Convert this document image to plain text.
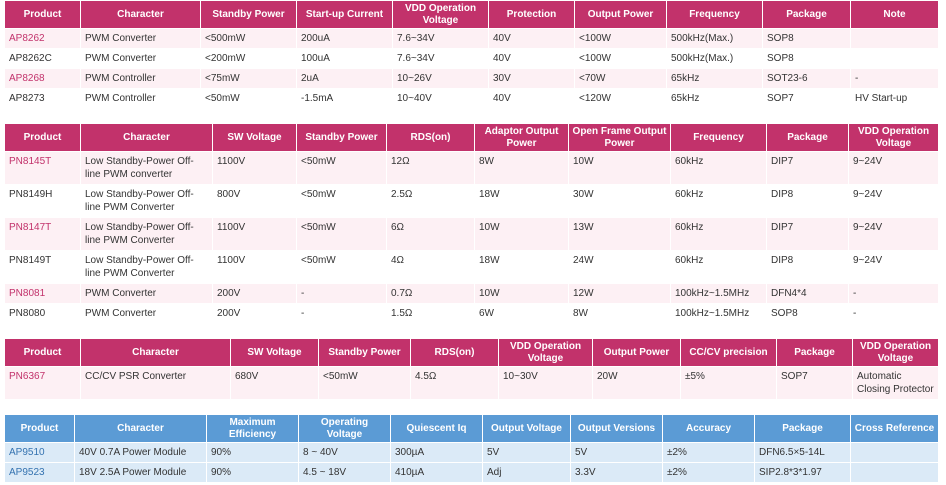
Product	Character	Standby Power	Start-up Current	VDD Operation Voltage	Protection	Output Power	Frequency	Package	Note
AP8262	PWM Converter	<500mW	200uA	7.6~34V	40V	<100W	500kHz(Max.)	SOP8	
AP8262C	PWM Converter	<200mW	100uA	7.6~34V	40V	<100W	500kHz(Max.)	SOP8	
AP8268	PWM Controller	<75mW	2uA	10~26V	30V	<70W	65kHz	SOT23-6	-
AP8273	PWM Controller	<50mW	-1.5mA	10~40V	40V	<120W	65kHz	SOP7	HV Start-up
Product	Character	SW Voltage	Standby Power	RDS(on)	Adaptor Output Power	Open Frame Output Power	Frequency	Package	VDD Operation Voltage
PN8145T	Low Standby-Power Off-line PWM converter	1100V	<50mW	12Ω	8W	10W	60kHz	DIP7	9~24V
PN8149H	Low Standby-Power Off-line PWM Converter	800V	<50mW	2.5Ω	18W	30W	60kHz	DIP8	9~24V
PN8147T	Low Standby-Power Off-line PWM Converter	1100V	<50mW	6Ω	10W	13W	60kHz	DIP7	9~24V
PN8149T	Low Standby-Power Off-line PWM Converter	1100V	<50mW	4Ω	18W	24W	60kHz	DIP8	9~24V
PN8081	PWM Converter	200V	-	0.7Ω	10W	12W	100kHz~1.5MHz	DFN4*4	-
PN8080	PWM Converter	200V	-	1.5Ω	6W	8W	100kHz~1.5MHz	SOP8	-
Product	Character	SW Voltage	Standby Power	RDS(on)	VDD Operation Voltage	Output Power	CC/CV precision	Package	VDD Operation Voltage
PN6367	CC/CV PSR Converter	680V	<50mW	4.5Ω	10~30V	20W	±5%	SOP7	Automatic Closing Protector
Product	Character	Maximum Efficiency	Operating Voltage	Quiescent Iq	Output Voltage	Output Versions	Accuracy	Package	Cross Reference
AP9510	40V 0.7A Power Module	90%	8 ~ 40V	300µA	5V	5V	±2%	DFN6.5×5-14L	
AP9523	18V 2.5A Power Module	90%	4.5 ~ 18V	410µA	Adj	3.3V	±2%	SIP2.8*3*1.97	
